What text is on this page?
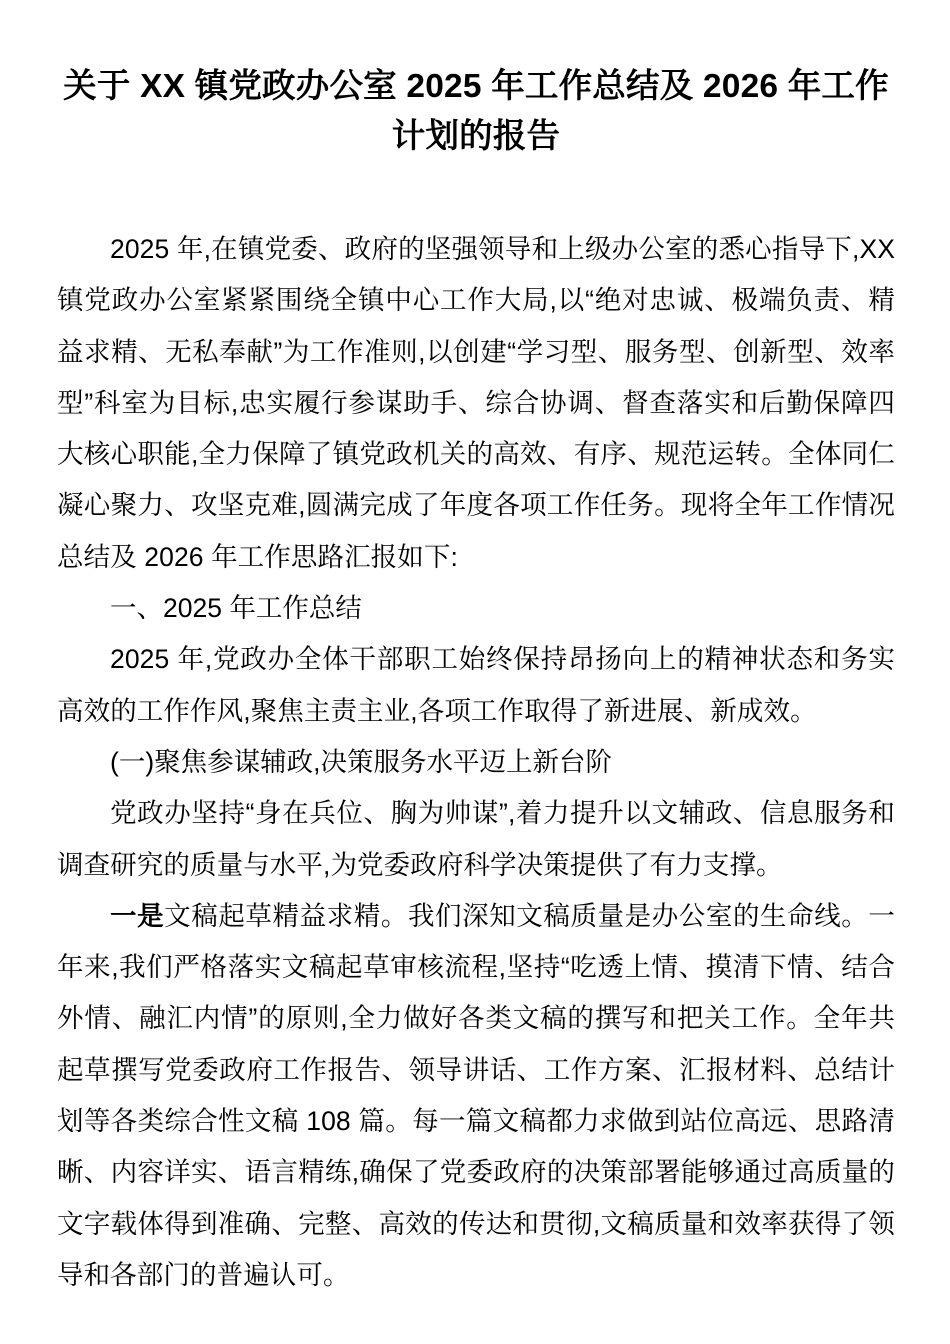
关于 XX 镇党政办公室 2025 年工作总结及 2026 年工作计划的报告

2025 年,在镇党委、政府的坚强领导和上级办公室的悉心指导下,XX 镇党政办公室紧紧围绕全镇中心工作大局,以“绝对忠诚、极端负责、精益求精、无私奉献”为工作准则,以创建“学习型、服务型、创新型、效率型”科室为目标,忠实履行参谋助手、综合协调、督查落实和后勤保障四大核心职能,全力保障了镇党政机关的高效、有序、规范运转。全体同仁凝心聚力、攻坚克难,圆满完成了年度各项工作任务。现将全年工作情况总结及 2026 年工作思路汇报如下:

一、2025 年工作总结

2025 年,党政办全体干部职工始终保持昂扬向上的精神状态和务实高效的工作作风,聚焦主责主业,各项工作取得了新进展、新成效。

(一)聚焦参谋辅政,决策服务水平迈上新台阶

党政办坚持“身在兵位、胸为帅谋”,着力提升以文辅政、信息服务和调查研究的质量与水平,为党委政府科学决策提供了有力支撑。

一是文稿起草精益求精。我们深知文稿质量是办公室的生命线。一年来,我们严格落实文稿起草审核流程,坚持“吃透上情、摸清下情、结合外情、融汇内情”的原则,全力做好各类文稿的撰写和把关工作。全年共起草撰写党委政府工作报告、领导讲话、工作方案、汇报材料、总结计划等各类综合性文稿 108 篇。每一篇文稿都力求做到站位高远、思路清晰、内容详实、语言精练,确保了党委政府的决策部署能够通过高质量的文字载体得到准确、完整、高效的传达和贯彻,文稿质量和效率获得了领导和各部门的普遍认可。
